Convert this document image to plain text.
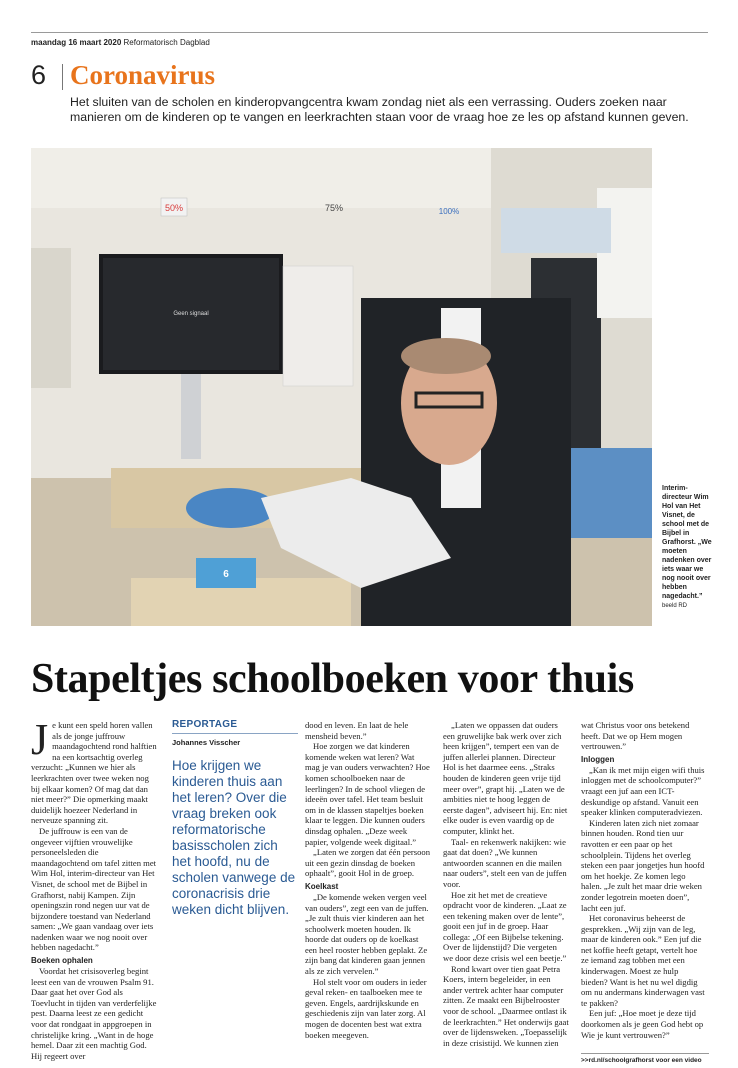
maandag 16 maart 2020 Reformatorisch Dagblad
6 Coronavirus
Het sluiten van de scholen en kinderopvangcentra kwam zondag niet als een verrassing. Ouders zoeken naar manieren om de kinderen op te vangen en leerkrachten staan voor de vraag hoe ze les op afstand kunnen geven.
50%	75%	100%
Geen signaal
6
Interim-directeur Wim Hol van Het Visnet, de school met de Bijbel in Grafhorst. „We moeten nadenken over iets waar we nog nooit over hebben nagedacht.” beeld RD
Stapeltjes schoolboeken voor thuis

Je kunt een speld horen vallen als de jonge juffrouw maandagochtend rond halftien na een kortsachtig overleg verzucht: „Kunnen we hier als leerkrachten over twee weken nog bij elkaar komen? Of mag dat dan niet meer?” Die opmerking maakt duidelijk hoezeer Nederland in nerveuze spanning zit.

De juffrouw is een van de ongeveer vijftien vrouwelijke personeelsleden die maandagochtend om tafel zitten met Wim Hol, interim-directeur van Het Visnet, de school met de Bijbel in Grafhorst, nabij Kampen. Zijn openingszin rond negen uur vat de bijzondere toestand van Nederland samen: „We gaan vandaag over iets nadenken waar we nog nooit over hebben nagedacht.”

Boeken ophalen

Voordat het crisisoverleg begint leest een van de vrouwen Psalm 91. Daar gaat het over God als Toevlucht in tijden van verderfelijke pest. Daarna leest ze een gedicht voor dat rondgaat in appgroepen in christelijke kring. „Want in de hoge hemel. Daar zit een machtig God. Hij regeert over

REPORTAGE
Johannes Visscher
Hoe krijgen we kinderen thuis aan het leren? Over die vraag breken ook reformatorische basisscholen zich het hoofd, nu de scholen vanwege de coronacrisis drie weken dicht blijven.

dood en leven. En laat de hele mensheid beven.”

Hoe zorgen we dat kinderen komende weken wat leren? Wat mag je van ouders verwachten? Hoe komen schoolboeken naar de leerlingen? In de school vliegen de ideeën over tafel. Het team besluit om in de klassen stapeltjes boeken klaar te leggen. Die kunnen ouders dinsdag ophalen. „Deze week papier, volgende week digitaal.”

„Laten we zorgen dat één persoon uit een gezin dinsdag de boeken ophaalt”, gooit Hol in de groep.

Koelkast

„De komende weken vergen veel van ouders”, zegt een van de juffen. „Je zult thuis vier kinderen aan het schoolwerk moeten houden. Ik hoorde dat ouders op de koelkast een heel rooster hebben geplakt. Ze zijn bang dat kinderen gaan jennen als ze zich vervelen.”

Hol stelt voor om ouders in ieder geval reken- en taalboeken mee te geven. Engels, aardrijkskunde en geschiedenis zijn van later zorg. Al mogen de docenten best wat extra boeken meegeven.

„Laten we oppassen dat ouders een gruwelijke bak werk over zich heen krijgen”, tempert een van de juffen allerlei plannen. Directeur Hol is het daarmee eens. „Straks houden de kinderen geen vrije tijd meer over”, grapt hij. „Laten we de ambities niet te hoog leggen de eerste dagen”, adviseert hij. En: niet elke ouder is even vaardig op de computer, klinkt het.

Taal- en rekenwerk nakijken: wie gaat dat doen? „We kunnen antwoorden scannen en die mailen naar ouders”, stelt een van de juffen voor.

Hoe zit het met de creatieve opdracht voor de kinderen. „Laat ze een tekening maken over de lente”, gooit een juf in de groep. Haar collega: „Of een Bijbelse tekening. Over de lijdenstijd? Die vergeten we door deze crisis wel een beetje.”

Rond kwart over tien gaat Petra Koers, intern begeleider, in een ander vertrek achter haar computer zitten. Ze maakt een Bijbelrooster voor de school. „Daarmee ontlast ik de leerkrachten.” Het onderwijs gaat over de lijdensweken. „Toepasselijk in deze crisistijd. We kunnen zien

wat Christus voor ons betekend heeft. Dat we op Hem mogen vertrouwen.”

Inloggen

„Kan ik met mijn eigen wifi thuis inloggen met de schoolcomputer?” vraagt een juf aan een ICT-deskundige op afstand. Vanuit een speaker klinken computeradviezen.

Kinderen laten zich niet zomaar binnen houden. Rond tien uur ravotten er een paar op het schoolplein. Tijdens het overleg steken een paar jongetjes hun hoofd om het hoekje. Ze komen lego halen. „Je zult het maar drie weken zonder legotrein moeten doen”, lacht een juf.

Het coronavirus beheerst de gesprekken. „Wij zijn van de leg, maar de kinderen ook.” Een juf die net koffie heeft getapt, vertelt hoe ze iemand zag tobben met een kinderwagen. Moest ze hulp bieden? Want is het nu wel digdig om nu andermans kinderwagen vast te pakken?

Een juf: „Hoe moet je deze tijd doorkomen als je geen God hebt op Wie je kunt vertrouwen?”

>>rd.nl/schoolgrafhorst voor een video
